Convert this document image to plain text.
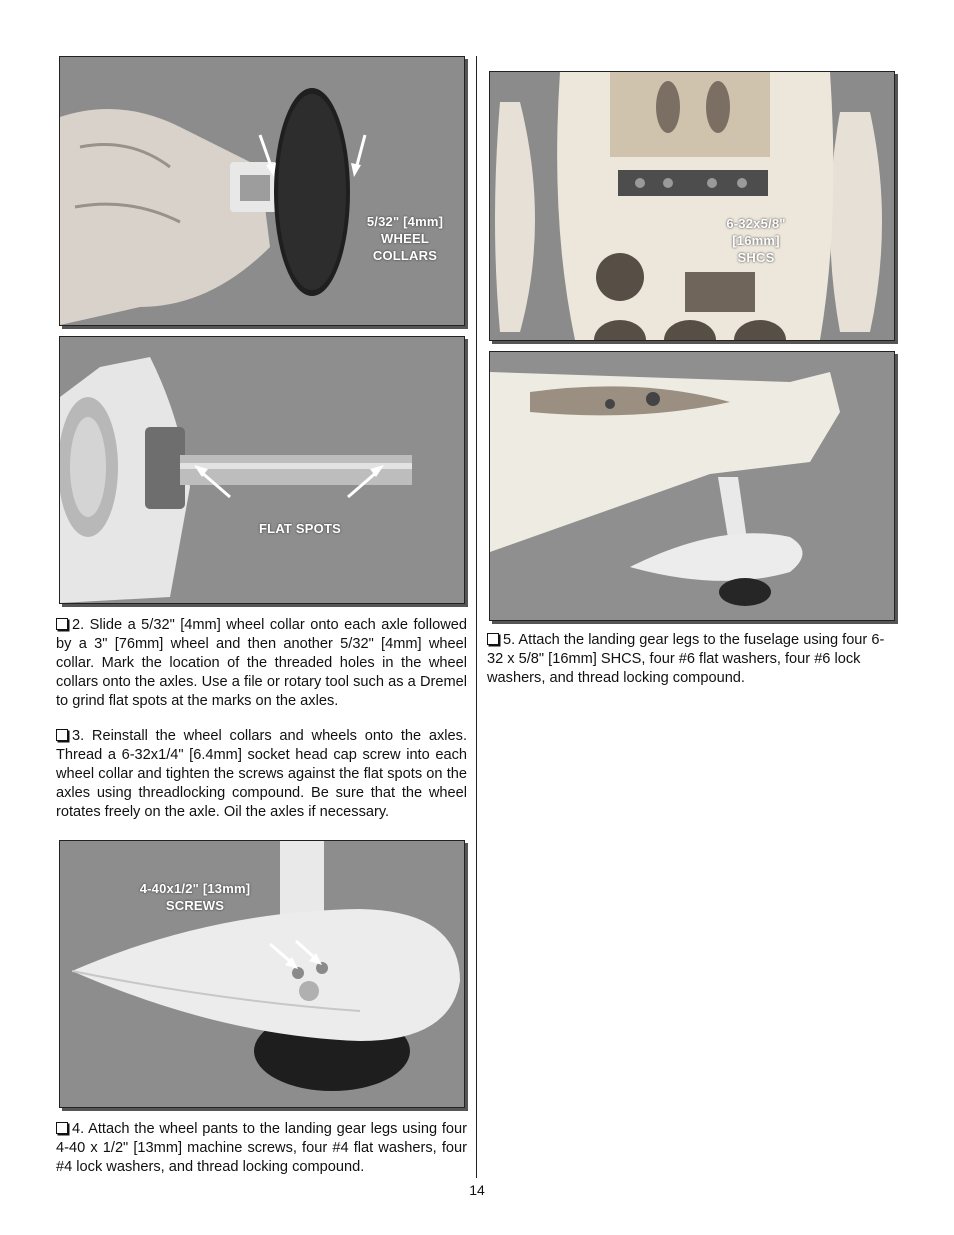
5/32" [4mm]
WHEEL
COLLARS
FLAT SPOTS

2. Slide a 5/32" [4mm] wheel collar onto each axle followed by a 3" [76mm] wheel and then another 5/32" [4mm] wheel collar. Mark the location of the threaded holes in the wheel collars onto the axles. Use a file or rotary tool such as a Dremel to grind flat spots at the marks on the axles.

3. Reinstall the wheel collars and wheels onto the axles. Thread a 6-32x1/4" [6.4mm] socket head cap screw into each wheel collar and tighten the screws against the flat spots on the axles using threadlocking compound. Be sure that the wheel rotates freely on the axle. Oil the axles if necessary.

4-40x1/2" [13mm]
SCREWS

4. Attach the wheel pants to the landing gear legs using four 4-40 x 1/2" [13mm] machine screws, four #4 flat washers, four #4 lock washers, and thread locking compound.

6-32x5/8"
[16mm]
SHCS

5. Attach the landing gear legs to the fuselage using four 6-32 x 5/8" [16mm] SHCS, four #6 flat washers, four #6 lock washers, and thread locking compound.

14
